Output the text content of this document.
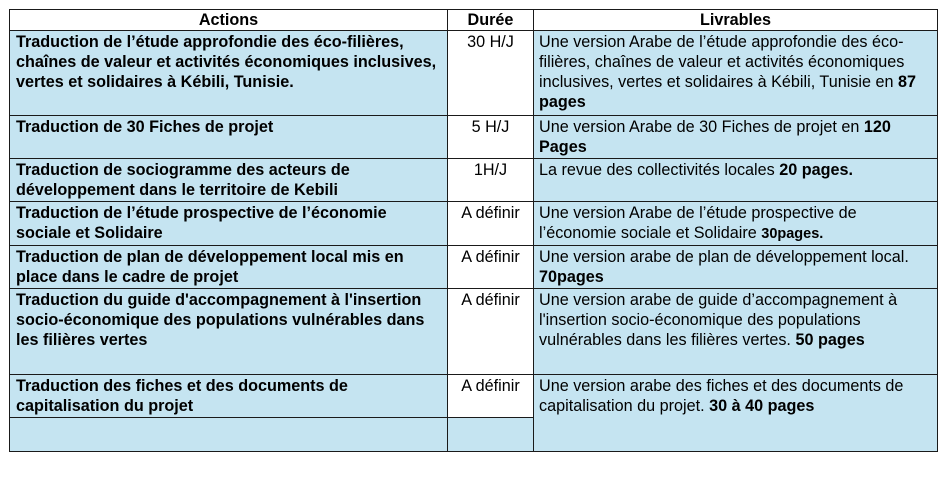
Actions	Durée	Livrables
Traduction de l’étude approfondie des éco-filières, chaînes de valeur et activités économiques inclusives, vertes et solidaires à Kébili, Tunisie.	30 H/J	Une version Arabe de l’étude approfondie des éco-filières, chaînes de valeur et activités économiques inclusives, vertes et solidaires à Kébili, Tunisie en 87 pages
Traduction de 30 Fiches de projet	5 H/J	Une version Arabe de 30 Fiches de projet en 120 Pages
Traduction de sociogramme des acteurs de développement dans le territoire de Kebili	1H/J	La revue des collectivités locales 20 pages.
Traduction de l’étude prospective de l’économie sociale et Solidaire	A définir	Une version Arabe de l’étude prospective de l’économie sociale et Solidaire 30pages.
Traduction de plan de développement local mis en place dans le cadre de projet	A définir	Une version arabe de plan de développement local. 70pages
Traduction du guide d'accompagnement à l'insertion socio-économique des populations vulnérables dans les filières vertes	A définir	Une version arabe de guide d’accompagnement à l'insertion socio-économique des populations vulnérables dans les filières vertes. 50 pages
Traduction des fiches et des documents de capitalisation du projet	A définir	Une version arabe des fiches et des documents de capitalisation du projet. 30 à 40 pages
